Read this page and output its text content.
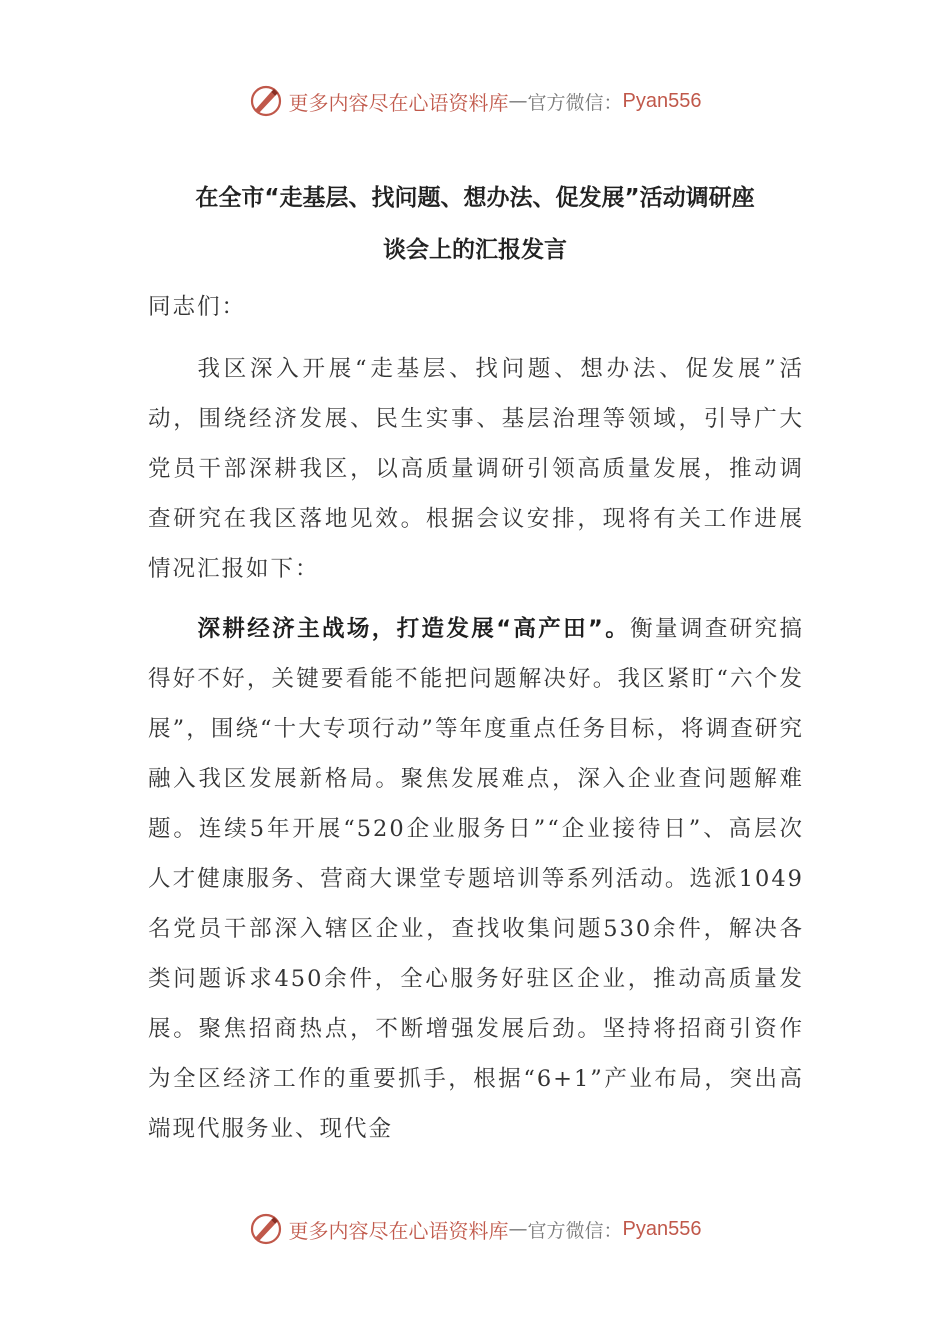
更多内容尽在心语资料库 — 官方微信： Pyan556
在全市“走基层、找问题、想办法、促发展”活动调研座
谈会上的汇报发言
同志们：
我区深入开展“走基层、找问题、想办法、促发展”活动，围绕经济发展、民生实事、基层治理等领域，引导广大党员干部深耕我区，以高质量调研引领高质量发展，推动调查研究在我区落地见效。根据会议安排，现将有关工作进展情况汇报如下：
深耕经济主战场，打造发展“高产田”。衡量调查研究搞得好不好，关键要看能不能把问题解决好。我区紧盯“六个发展”，围绕“十大专项行动”等年度重点任务目标，将调查研究融入我区发展新格局。聚焦发展难点，深入企业查问题解难题。连续5年开展“520企业服务日”“企业接待日”、高层次人才健康服务、营商大课堂专题培训等系列活动。选派1049名党员干部深入辖区企业，查找收集问题530余件，解决各类问题诉求450余件，全心服务好驻区企业，推动高质量发展。聚焦招商热点，不断增强发展后劲。坚持将招商引资作为全区经济工作的重要抓手，根据“6+1”产业布局，突出高端现代服务业、现代金
更多内容尽在心语资料库 — 官方微信： Pyan556
